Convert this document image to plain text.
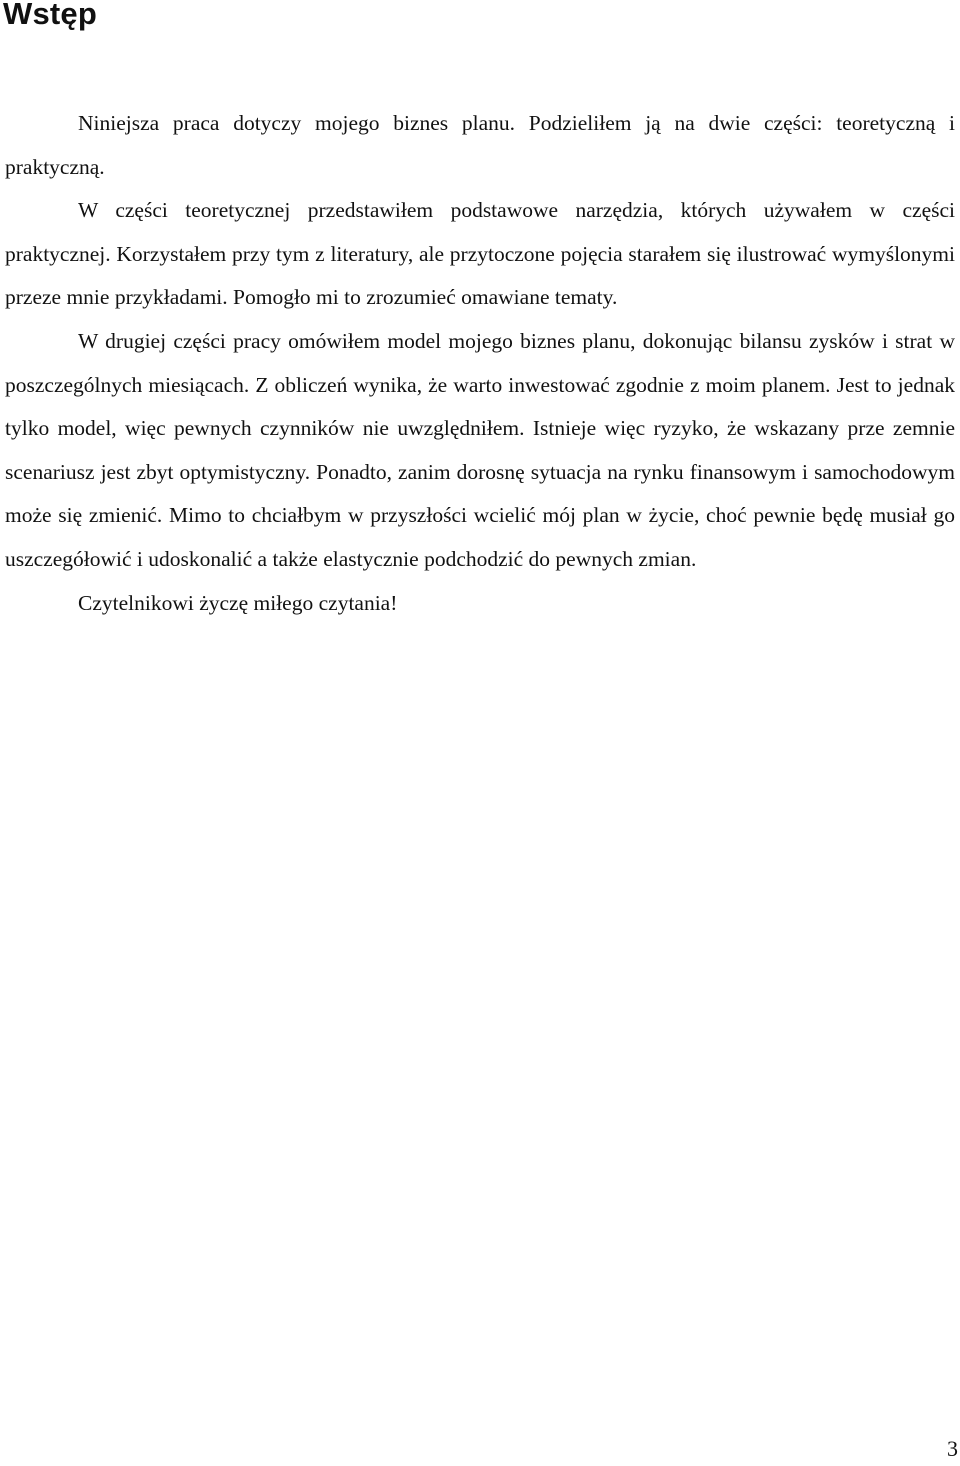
Wstęp

Niniejsza praca dotyczy mojego biznes planu. Podzieliłem ją na dwie części: teoretyczną i praktyczną.

W części teoretycznej przedstawiłem podstawowe narzędzia, których używałem w części praktycznej. Korzystałem przy tym z literatury, ale przytoczone pojęcia starałem się ilustrować wymyślonymi przeze mnie przykładami. Pomogło mi to zrozumieć omawiane tematy.

W drugiej części pracy omówiłem model mojego biznes planu, dokonując bilansu zysków i strat w poszczególnych miesiącach. Z obliczeń wynika, że warto inwestować zgodnie z moim planem. Jest to jednak tylko model, więc pewnych czynników nie uwzględniłem. Istnieje więc ryzyko, że wskazany prze zemnie scenariusz jest zbyt optymistyczny. Ponadto, zanim dorosnę sytuacja na rynku finansowym i samochodowym może się zmienić. Mimo to chciałbym w przyszłości wcielić mój plan w życie, choć pewnie będę musiał go uszczegółowić i udoskonalić a także elastycznie podchodzić do pewnych zmian.

Czytelnikowi życzę miłego czytania!

3
